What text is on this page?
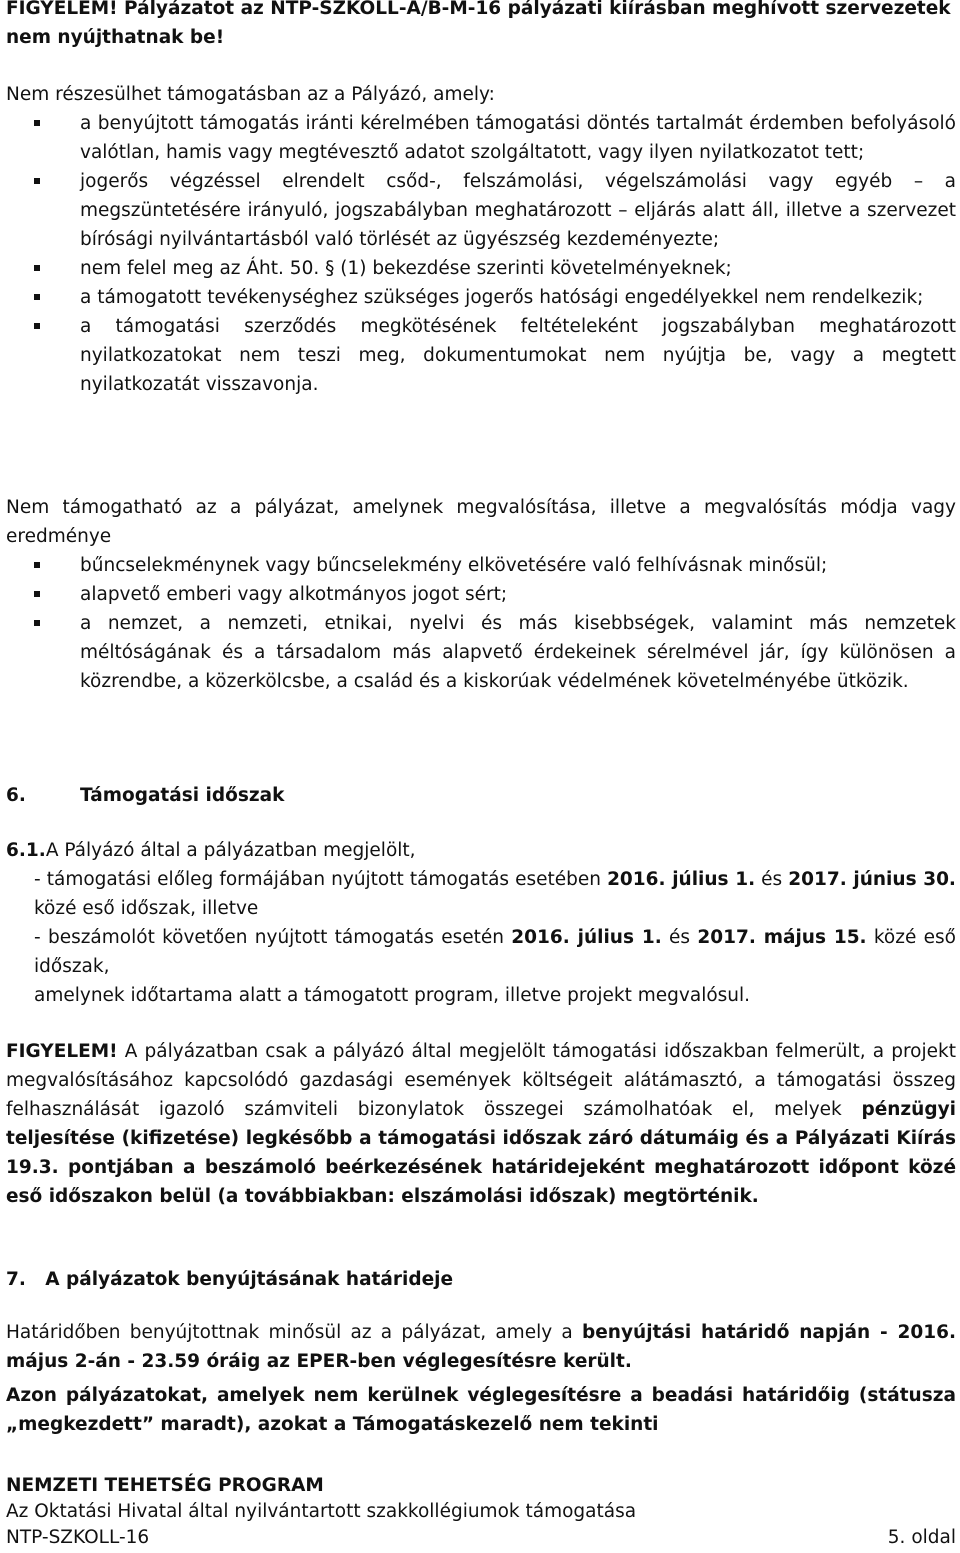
FIGYELEM! Pályázatot az NTP-SZKOLL-A/B-M-16 pályázati kiírásban meghívott szervezetek nem nyújthatnak be!

Nem részesülhet támogatásban az a Pályázó, amely:

a benyújtott támogatás iránti kérelmében támogatási döntés tartalmát érdemben befolyásoló valótlan, hamis vagy megtévesztő adatot szolgáltatott, vagy ilyen nyilatkozatot tett;
jogerős végzéssel elrendelt csőd-, felszámolási, végelszámolási vagy egyéb – a megszüntetésére irányuló, jogszabályban meghatározott – eljárás alatt áll, illetve a szervezet bírósági nyilvántartásból való törlését az ügyészség kezdeményezte;
nem felel meg az Áht. 50. § (1) bekezdése szerinti követelményeknek;
a támogatott tevékenységhez szükséges jogerős hatósági engedélyekkel nem rendelkezik;
a támogatási szerződés megkötésének feltételeként jogszabályban meghatározott nyilatkozatokat nem teszi meg, dokumentumokat nem nyújtja be, vagy a megtett nyilatkozatát visszavonja.

Nem támogatható az a pályázat, amelynek megvalósítása, illetve a megvalósítás módja vagy eredménye

bűncselekménynek vagy bűncselekmény elkövetésére való felhívásnak minősül;
alapvető emberi vagy alkotmányos jogot sért;
a nemzet, a nemzeti, etnikai, nyelvi és más kisebbségek, valamint más nemzetek méltóságának és a társadalom más alapvető érdekeinek sérelmével jár, így különösen a közrendbe, a közerkölcsbe, a család és a kiskorúak védelmének követelményébe ütközik.

6.	Támogatási időszak

6.1.A Pályázó által a pályázatban megjelölt,

- támogatási előleg formájában nyújtott támogatás esetében 2016. július 1. és 2017. június 30. közé eső időszak, illetve

- beszámolót követően nyújtott támogatás esetén 2016. július 1. és 2017. május 15. közé eső időszak,

amelynek időtartama alatt a támogatott program, illetve projekt megvalósul.

FIGYELEM! A pályázatban csak a pályázó által megjelölt támogatási időszakban felmerült, a projekt megvalósításához kapcsolódó gazdasági események költségeit alátámasztó, a támogatási összeg felhasználását igazoló számviteli bizonylatok összegei számolhatóak el, melyek pénzügyi teljesítése (kifizetése) legkésőbb a támogatási időszak záró dátumáig és a Pályázati Kiírás 19.3. pontjában a beszámoló beérkezésének határidejeként meghatározott időpont közé eső időszakon belül (a továbbiakban: elszámolási időszak) megtörténik.

7.   A pályázatok benyújtásának határideje

Határidőben benyújtottnak minősül az a pályázat, amely a benyújtási határidő napján - 2016. május 2-án - 23.59 óráig az EPER-ben véglegesítésre került.

Azon pályázatokat, amelyek nem kerülnek véglegesítésre a beadási határidőig (státusza „megkezdett” maradt), azokat a Támogatáskezelő nem tekinti

NEMZETI TEHETSÉG PROGRAM
Az Oktatási Hivatal által nyilvántartott szakkollégiumok támogatása
NTP-SZKOLL-16	5. oldal
